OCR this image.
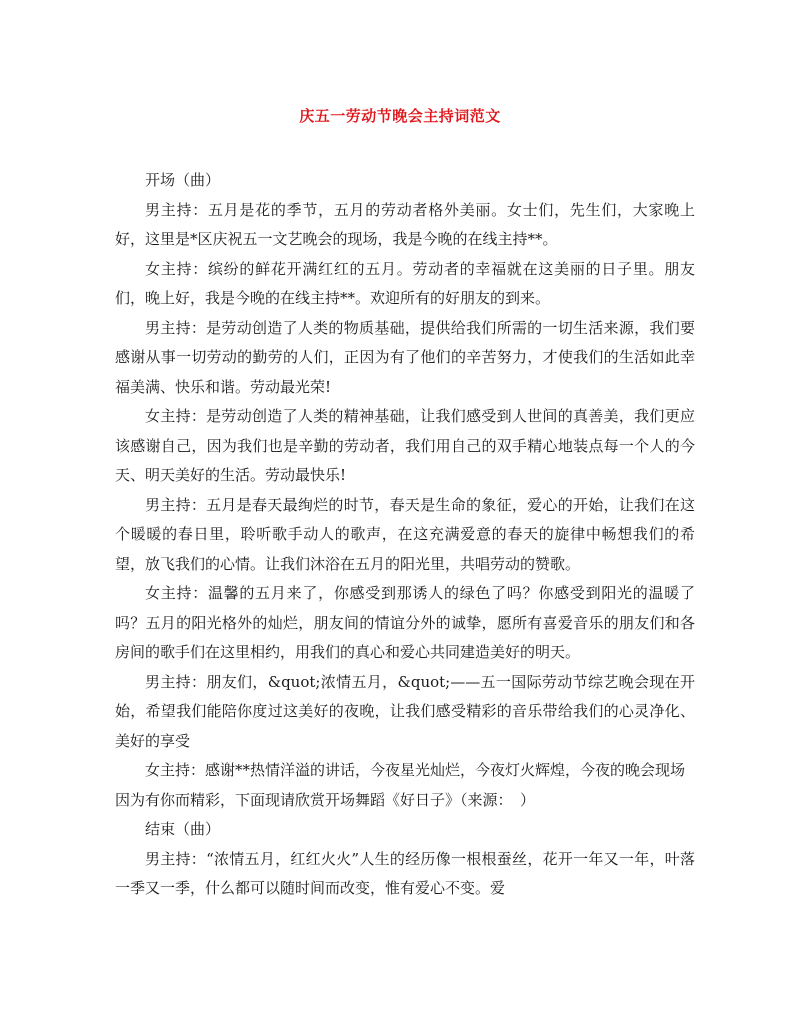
庆五一劳动节晚会主持词范文

开场（曲）

男主持：五月是花的季节，五月的劳动者格外美丽。女士们，先生们，大家晚上好，这里是*区庆祝五一文艺晚会的现场，我是今晚的在线主持**。

女主持：缤纷的鲜花开满红红的五月。劳动者的幸福就在这美丽的日子里。朋友们，晚上好，我是今晚的在线主持**。欢迎所有的好朋友的到来。

男主持：是劳动创造了人类的物质基础，提供给我们所需的一切生活来源，我们要感谢从事一切劳动的勤劳的人们，正因为有了他们的辛苦努力，才使我们的生活如此幸福美满、快乐和谐。劳动最光荣!

女主持：是劳动创造了人类的精神基础，让我们感受到人世间的真善美，我们更应该感谢自己，因为我们也是辛勤的劳动者，我们用自己的双手精心地装点每一个人的今天、明天美好的生活。劳动最快乐!

男主持：五月是春天最绚烂的时节，春天是生命的象征，爱心的开始，让我们在这个暖暖的春日里，聆听歌手动人的歌声，在这充满爱意的春天的旋律中畅想我们的希望，放飞我们的心情。让我们沐浴在五月的阳光里，共唱劳动的赞歌。

女主持：温馨的五月来了，你感受到那诱人的绿色了吗？你感受到阳光的温暖了吗？五月的阳光格外的灿烂，朋友间的情谊分外的诚挚，愿所有喜爱音乐的朋友们和各房间的歌手们在这里相约，用我们的真心和爱心共同建造美好的明天。

男主持：朋友们，&quot;浓情五月，&quot;——五一国际劳动节综艺晚会现在开始，希望我们能陪你度过这美好的夜晚，让我们感受精彩的音乐带给我们的心灵净化、美好的享受

女主持：感谢**热情洋溢的讲话，今夜星光灿烂，今夜灯火辉煌，今夜的晚会现场因为有你而精彩，下面现请欣赏开场舞蹈《好日子》（来源：　）

结束（曲）

男主持：“浓情五月，红红火火”人生的经历像一根根蚕丝，花开一年又一年，叶落一季又一季，什么都可以随时间而改变，惟有爱心不变。爱
